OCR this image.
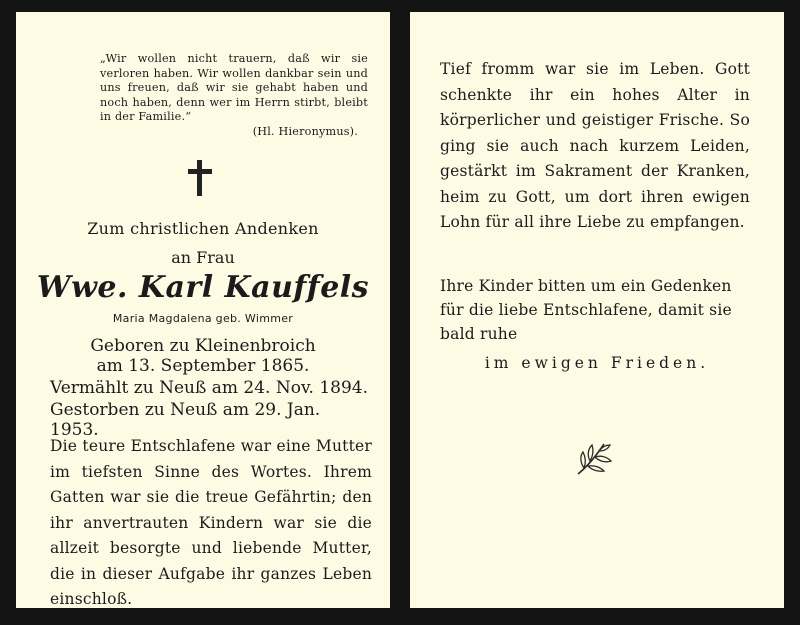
„Wir wollen nicht trauern, daß wir sie verloren haben. Wir wollen dankbar sein und uns freuen, daß wir sie gehabt haben und noch haben, denn wer im Herrn stirbt, bleibt in der Familie.“
(Hl. Hieronymus).
Zum christlichen Andenken
an Frau
Wwe. Karl Kauffels
Maria Magdalena geb. Wimmer
Geboren zu Kleinenbroich
am 13. September 1865.
Vermählt zu Neuß am 24. Nov. 1894.
Gestorben zu Neuß am 29. Jan. 1953.
Die teure Entschlafene war eine Mutter im tiefsten Sinne des Wortes. Ihrem Gatten war sie die treue Gefährtin; den ihr anvertrauten Kindern war sie die allzeit besorgte und liebende Mutter, die in dieser Aufgabe ihr ganzes Leben einschloß.
Tief fromm war sie im Leben. Gott schenkte ihr ein hohes Alter in körperlicher und geistiger Frische. So ging sie auch nach kurzem Leiden, gestärkt im Sakrament der Kranken, heim zu Gott, um dort ihren ewigen Lohn für all ihre Liebe zu empfangen.
Ihre Kinder bitten um ein Gedenken für die liebe Entschlafene, damit sie bald ruhe
im ewigen Frieden.
